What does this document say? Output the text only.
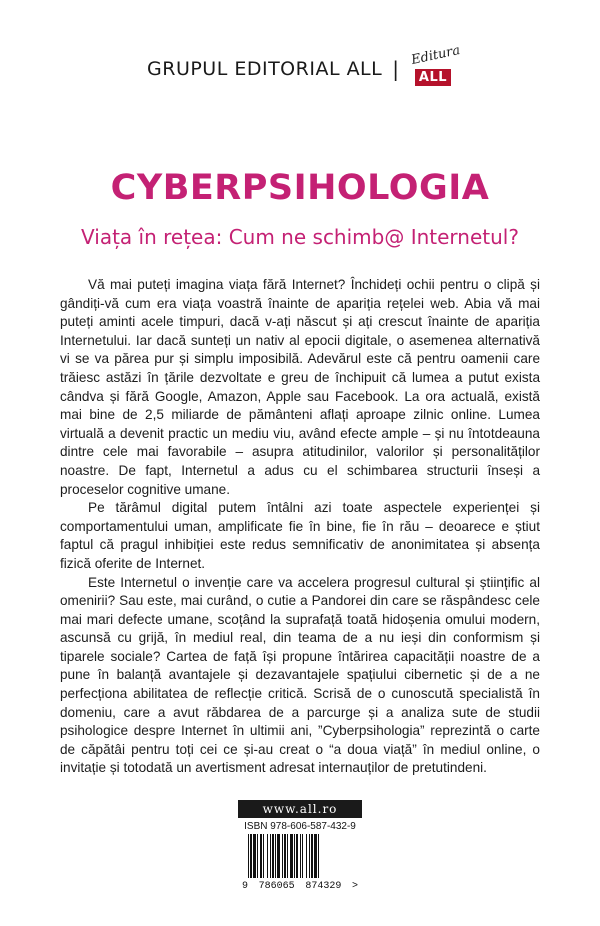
GRUPUL EDITORIAL ALL |
Editura
ALL
CYBERPSIHOLOGIA
Viața în rețea: Cum ne schimb@ Internetul?

Vă mai puteți imagina viața fără Internet? Închideți ochii pentru o clipă și gândiți-vă cum era viața voastră înainte de apariția rețelei web. Abia vă mai puteți aminti acele timpuri, dacă v-ați născut și ați crescut înainte de apariția Internetului. Iar dacă sunteți un nativ al epocii digitale, o asemenea alternativă vi se va părea pur și simplu imposibilă. Adevărul este că pentru oamenii care trăiesc astăzi în țările dezvoltate e greu de închipuit că lumea a putut exista cândva și fără Google, Amazon, Apple sau Facebook. La ora actuală, există mai bine de 2,5 miliarde de pământeni aflați aproape zilnic online. Lumea virtuală a devenit practic un mediu viu, având efecte ample – și nu întotdeauna dintre cele mai favorabile – asupra atitudinilor, valorilor și personalităților noastre. De fapt, Internetul a adus cu el schimbarea structurii înseși a proceselor cognitive umane.

Pe tărâmul digital putem întâlni azi toate aspectele experienței și comportamentului uman, amplificate fie în bine, fie în rău – deoarece e știut faptul că pragul inhibiției este redus semnificativ de anonimitatea și absența fizică oferite de Internet.

Este Internetul o invenție care va accelera progresul cultural și științific al omenirii? Sau este, mai curând, o cutie a Pandorei din care se răspândesc cele mai mari defecte umane, scoțând la suprafață toată hidoșenia omului modern, ascunsă cu grijă, în mediul real, din teama de a nu ieși din conformism și tiparele sociale? Cartea de față își propune întărirea capacității noastre de a pune în balanță avantajele și dezavantajele spațiului cibernetic și de a ne perfecționa abilitatea de reflecție critică. Scrisă de o cunoscută specialistă în domeniu, care a avut răbdarea de a parcurge și a analiza sute de studii psihologice despre Internet în ultimii ani, ”Cyberpsihologia” reprezintă o carte de căpătâi pentru toți cei ce și-au creat o “a doua viață” în mediul online, o invitație și totodată un avertisment adresat internauților de pretutindeni.

www.all.ro
ISBN 978-606-587-432-9
9 786065 874329 >
